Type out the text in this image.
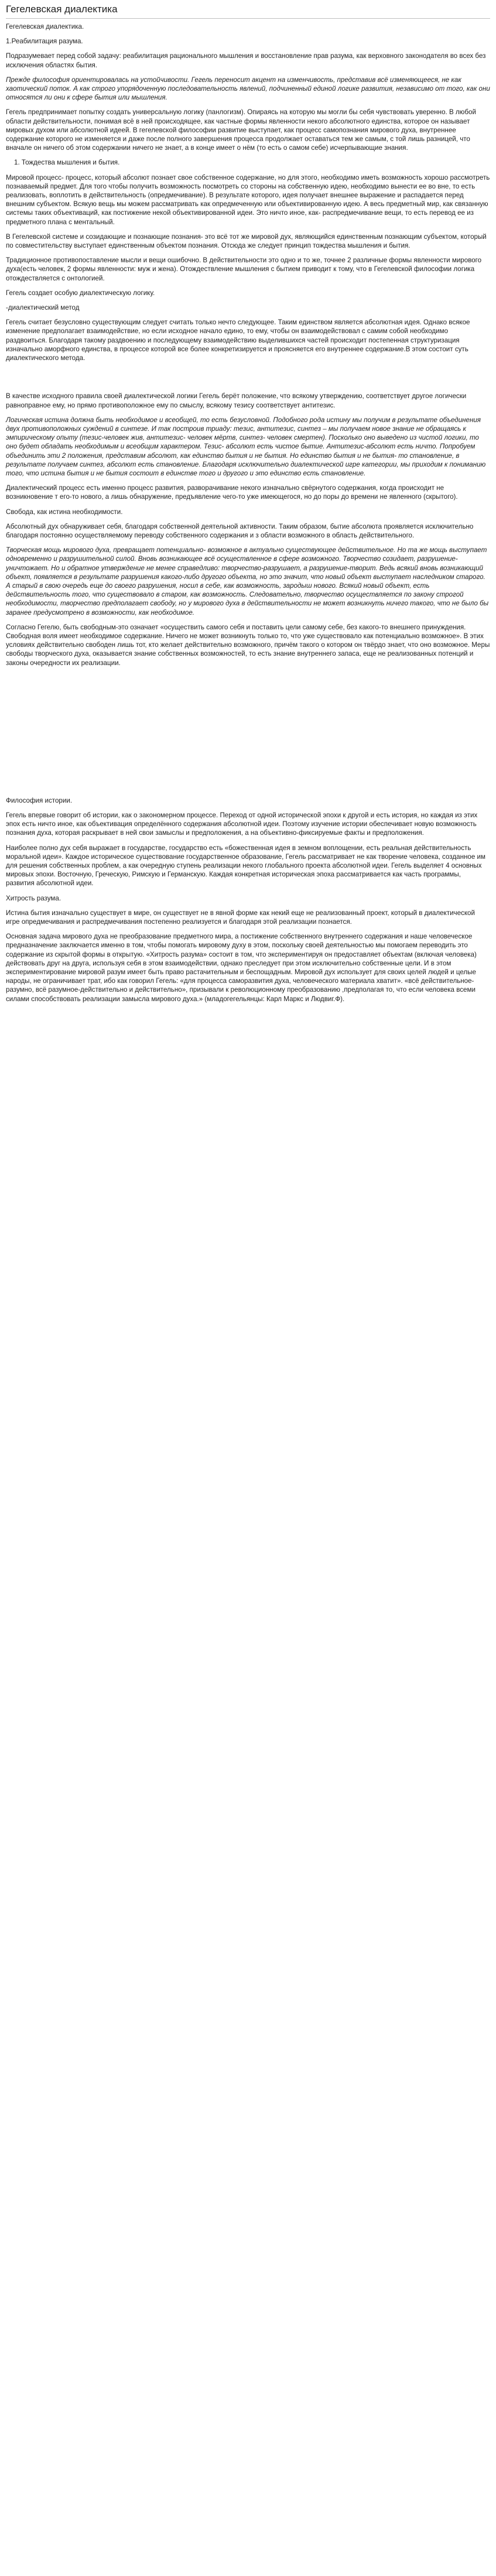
Гегелевская диалектика

Гегелевская диалектика.

1.Реабилитация разума.

Подразумевает перед собой задачу: реабилитация рационального мышления и восстановление прав разума, как верховного законодателя во всех без исключения областях бытия.

Прежде философия ориентировалась на устойчивости. Гегель переносит акцент на изменчивость, представив всё изменяющееся, не как хаотический поток. А как строго упорядоченную последовательность явлений, подчиненный единой логике развития, независимо от того, как они относятся ли они к сфере бытия или мышления.

Гегель предпринимает попытку создать универсальную логику (панлогизм). Опираясь на которую мы могли бы себя чувствовать уверенно. В любой области действительности, понимая всё в ней происходящее, как частные формы явленности некого абсолютного единства, которое он называет мировых духом или абсолютной идеей. В гегелевской философии развитие выступает, как процесс самопознания мирового духа, внутреннее содержание которого не изменяется и даже после полного завершения процесса продолжает оставаться тем же самым, с той лишь разницей, что вначале он ничего об этом содержании ничего не знает, а в конце имеет о нём (то есть о самом себе) исчерпывающие знания.

1. Тождества мышления и бытия.

Мировой процесс- процесс, который абсолют познает свое собственное содержание, но для этого, необходимо иметь возможность хорошо рассмотреть познаваемый предмет. Для того чтобы получить возможность посмотреть со стороны на собственную идею, необходимо вынести ее во вне, то есть реализовать, воплотить в действительность (опредмечивание). В результате которого, идея получает внешнее выражение и распадается перед внешним субъектом. Всякую вещь мы можем рассматривать как опредмеченную или объективированную идею. А весь предметный мир, как связанную системы таких объективаций, как постижение некой объективированной идеи. Это ничто иное, как- распредмечивание вещи, то есть перевод ее из предметного плана с ментальный.

В Гегелевской системе и созидающие и познающие познания- это всё тот же мировой дух, являющийся единственным познающим субъектом, который по совместительству выступает единственным объектом познания. Отсюда же следует принцип тождества мышления и бытия.

Традиционное противопоставление мысли и вещи ошибочно. В действительности это одно и то же, точнее 2 различные формы явленности мирового духа(есть человек, 2 формы явленности: муж и жена). Отождествление мышления с бытием приводит к тому, что в Гегелевской философии логика отождествляется с онтологией.

Гегель создает особую диалектическую логику.

-диалектический метод

Гегель считает безусловно существующим следует считать только нечто следующее. Таким единством является абсолютная идея. Однако всякое изменение предполагает взаимодействие, но если исходное начало едино, то ему, чтобы он взаимодействовал с самим собой необходимо раздвоиться. Благодаря такому раздвоению и последующему взаимодействию выделившихся частей происходит постепенная структуризация изначально аморфного единства, в процессе которой все более конкретизируется и проясняется его внутреннее содержание.В этом состоит суть диалектического метода.

В качестве исходного правила своей диалектической логики Гегель берёт положение, что всякому утверждению, соответствует другое логически равноправное ему, но прямо противоположное ему по смыслу, всякому тезису соответствует антитезис.

Логическая истина должна быть необходимое и всеобщей, то есть безусловной. Подобного рода истину мы получим в результате объединения двух противоположных суждений в синтезе. И так построив триаду: тезис, антитезис, синтез – мы получаем новое знание не обращаясь к эмпирическому опыту (тезис-человек жив, антитезис- человек мёртв, синтез- человек смертен). Посколько оно выведено из чистой логики, то оно будет обладать необходимым и всеобщим характером. Тезис- абсолют есть чистое бытие. Антитезис-абсолют есть ничто. Попробуем объединить эти 2 положения, представим абсолют, как единство бытия и не бытия. Но единство бытия и не бытия- то становление, в результате получаем синтез, абсолют есть становление. Благодаря исключительно диалектической игре категории, мы приходим к пониманию того, что истина бытия и не бытия состоит в единстве того и другого и это единство есть становление.

Диалектический процесс есть именно процесс развития, разворачивание некого изначально свёрнутого содержания, когда происходит не возникновение т его-то нового, а лишь обнаружение, предъявление чего-то уже имеющегося, но до поры до времени не явленного (скрытого).

Свобода, как истина необходимости.

Абсолютный дух обнаруживает себя, благодаря собственной деятельной активности. Таким образом, бытие абсолюта проявляется исключительно благодаря постоянно осуществляемому переводу собственного содержания и з области возможного в область действительного.

Творческая мощь мирового духа, превращает потенциально- возможное в актуально существующее действительное. Но та же мощь выступает одновременно и разрушительной силой. Вновь возникающее всё осуществленное в сфере возможного. Творчество созидает, разрушение- уничтожает. Но и обратное утверждение не менее справедливо: творчество-разрушает, а разрушение-творит. Ведь всякий вновь возникающий объект, появляется в результате разрушения какого-либо другого объекта, но это значит, что новый объект выступает наследником старого. А старый в свою очередь еще до своего разрушения, носил в себе, как возможность, зародыш нового. Всякий новый объект, есть действительность того, что существовало в старом, как возможность. Следовательно, творчество осуществляется по закону строгой необходимости, творчество предполагает свободу, но у мирового духа в действительности не может возникнуть ничего такого, что не было бы заранее предусмотрено в возможности, как необходимое.

Согласно Гегелю, быть свободным-это означает «осуществить самого себя и поставить цели самому себе, без какого-то внешнего принуждения. Свободная воля имеет необходимое содержание. Ничего не может возникнуть только то, что уже существовало как потенциально возможное». В этих условиях действительно свободен лишь тот, кто желает действительно возможного, причём такого о котором он твёрдо знает, что оно возможное. Меры свободы творческого духа, оказывается знание собственных возможностей, то есть знание внутреннего запаса, еще не реализованных потенций и законы очередности их реализации.

Философия истории.

Гегель впервые говорит об истории, как о закономерном процессе. Переход от одной исторической эпохи к другой и есть история, но каждая из этих эпох есть ничто иное, как объективация определённого содержания абсолютной идеи. Поэтому изучение истории обеспечивает новую возможность познания духа, которая раскрывает в ней свои замыслы и предположения, а на объективно-фиксируемые факты и предположения.

Наиболее полно дух себя выражает в государстве, государство есть «божественная идея в земном воплощении, есть реальная действительность моральной идеи». Каждое историческое существование государственное образование, Гегель рассматривает не как творение человека, созданное им для решения собственных проблем, а как очередную ступень реализации некого глобального проекта абсолютной идеи. Гегель выделяет 4 основных мировых эпохи. Восточную, Греческую, Римскую и Германскую. Каждая конкретная историческая эпоха рассматривается как часть программы, развития абсолютной идеи.

Хитрость разума.

Истина бытия изначально существует в мире, он существует не в явной форме как некий еще не реализованный проект, который в диалектической игре опредмечивания и распредмечивания постепенно реализуется и благодаря этой реализации познается.

Основная задача мирового духа не преобразование предметного мира, а постижение собственного внутреннего содержания и наше человеческое предназначение заключается именно в том, чтобы помогать мировому духу в этом, поскольку своей деятельностью мы помогаем переводить это содержание из скрытой формы в открытую. «Хитрость разума» состоит в том, что экспериментируя он предоставляет объектам (включая человека) действовать друг на друга, используя себя в этом взаимодействии, однако преследует при этом исключительно собственные цели. И в этом экспериментирование мировой разум имеет быть право растачительным и беспощадным. Мировой дух использует для своих целей людей и целые народы, не ограничивает трат, ибо как говорил Гегель: «для процесса саморазвития духа, человеческого материала хватит». «всё действительное-разумно, всё разумное-действительно и действительно», призывали к революционному преобразованию ,предполагая то, что если человека всеми силами способствовать реализации замысла мирового духа.» (младогегельянцы: Карл Маркс и Людвиг.Ф).
